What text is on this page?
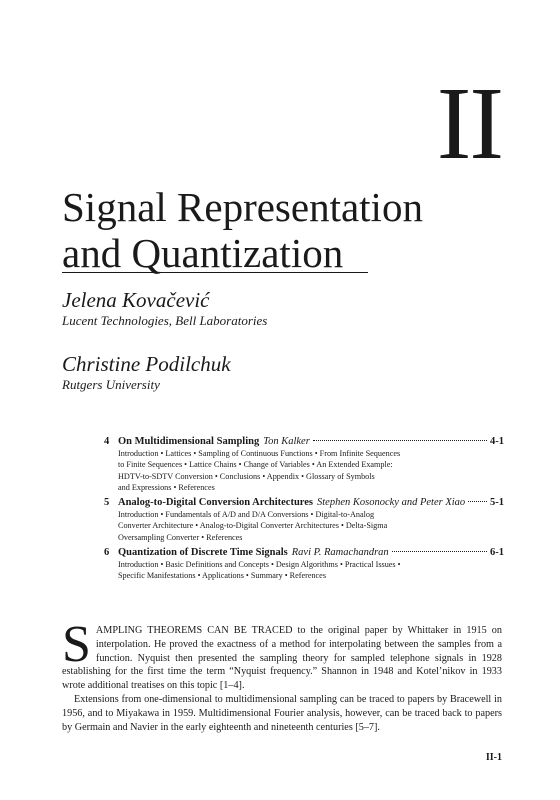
II
Signal Representation
and Quantization
Jelena Kovačević
Lucent Technologies, Bell Laboratories
Christine Podilchuk
Rutgers University
4 On Multidimensional Sampling Ton Kalker	4-1
Introduction • Lattices • Sampling of Continuous Functions • From Infinite Sequences
to Finite Sequences • Lattice Chains • Change of Variables • An Extended Example:
HDTV-to-SDTV Conversion • Conclusions • Appendix • Glossary of Symbols
and Expressions • References
5 Analog-to-Digital Conversion Architectures Stephen Kosonocky and Peter Xiao 5-1
Introduction • Fundamentals of A/D and D/A Conversions • Digital-to-Analog
Converter Architecture • Analog-to-Digital Converter Architectures • Delta-Sigma
Oversampling Converter • References
6 Quantization of Discrete Time Signals Ravi P. Ramachandran	6-1
Introduction • Basic Definitions and Concepts • Design Algorithms • Practical Issues •
Specific Manifestations • Applications • Summary • References

SAMPLING THEOREMS CAN BE TRACED to the original paper by Whittaker in 1915 on interpolation. He proved the exactness of a method for interpolating between the samples from a function. Nyquist then presented the sampling theory for sampled telephone signals in 1928 establishing for the first time the term “Nyquist frequency.” Shannon in 1948 and Kotel’nikov in 1933 wrote additional treatises on this topic [1–4].

Extensions from one-dimensional to multidimensional sampling can be traced to papers by Bracewell in 1956, and to Miyakawa in 1959. Multidimensional Fourier analysis, however, can be traced back to papers by Germain and Navier in the early eighteenth and nineteenth centuries [5–7].

II-1
